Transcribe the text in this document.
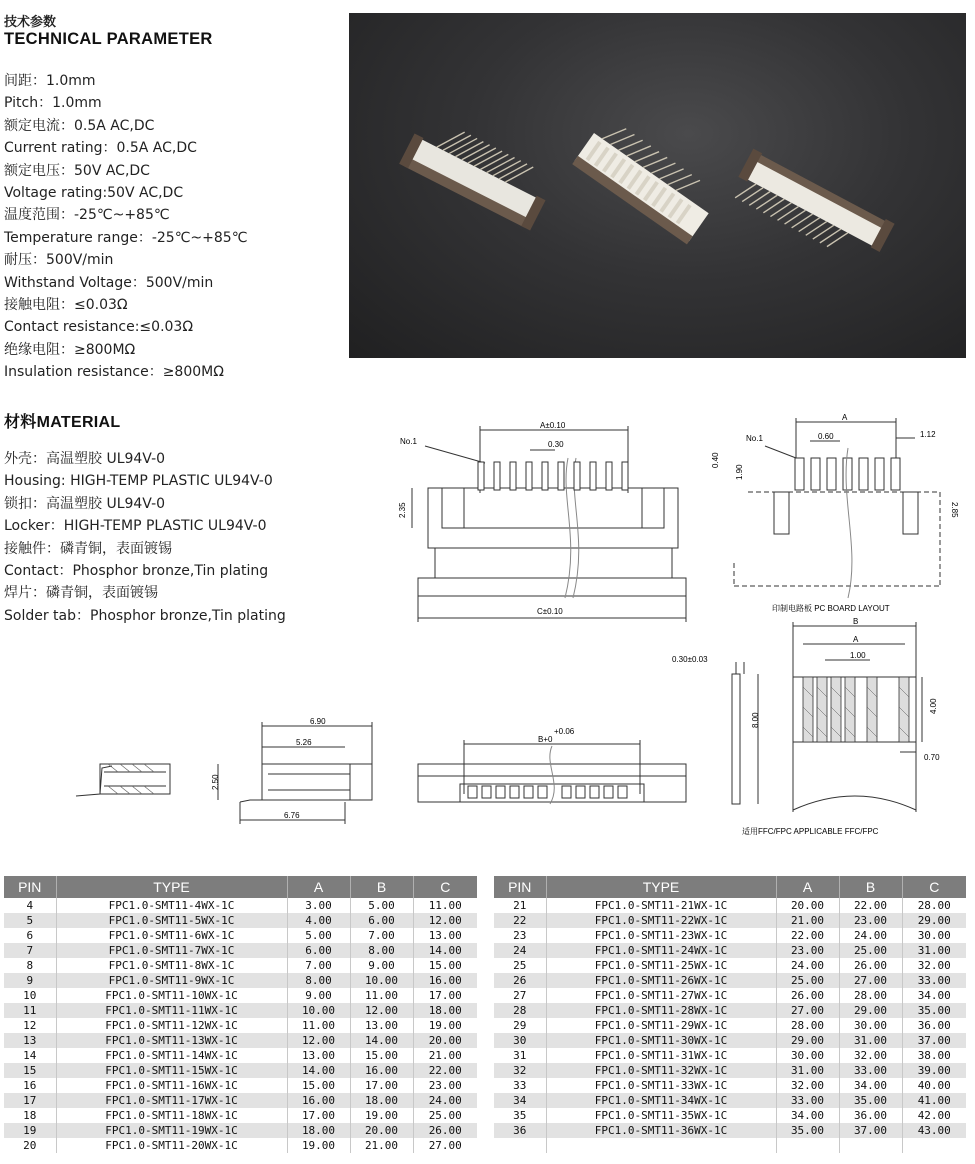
技术参数
TECHNICAL PARAMETER
间距：1.0mm
Pitch：1.0mm
额定电流：0.5A AC,DC
Current rating：0.5A AC,DC
额定电压：50V AC,DC
Voltage rating:50V AC,DC
温度范围：-25℃~+85℃
Temperature range：-25℃~+85℃
耐压：500V/min
Withstand Voltage：500V/min
接触电阻：≤0.03Ω
Contact resistance:≤0.03Ω
绝缘电阻：≥800MΩ
Insulation resistance：≥800MΩ
材料MATERIAL
外壳：高温塑胶 UL94V-0
Housing: HIGH-TEMP PLASTIC UL94V-0
锁扣：高温塑胶 UL94V-0
Locker：HIGH-TEMP PLASTIC UL94V-0
接触件：磷青铜，表面镀锡
Contact：Phosphor bronze,Tin plating
焊片：磷青铜，表面镀锡
Solder tab：Phosphor bronze,Tin plating
No.1
A±0.10
0.30
2.35
C±0.10
No.1
A
0.60	1.12
0.40
1.90
2.85
印制电路板 PC BOARD LAYOUT
6.90
5.26
2.50
6.76
+0.06
B+0
0.30±0.03
8.00
B
A
1.00
4.00
0.70
适用FFC/FPC APPLICABLE FFC/FPC
PIN	TYPE	A	B	C
4	FPC1.0-SMT11-4WX-1C	3.00	5.00	11.00
5	FPC1.0-SMT11-5WX-1C	4.00	6.00	12.00
6	FPC1.0-SMT11-6WX-1C	5.00	7.00	13.00
7	FPC1.0-SMT11-7WX-1C	6.00	8.00	14.00
8	FPC1.0-SMT11-8WX-1C	7.00	9.00	15.00
9	FPC1.0-SMT11-9WX-1C	8.00	10.00	16.00
10	FPC1.0-SMT11-10WX-1C	9.00	11.00	17.00
11	FPC1.0-SMT11-11WX-1C	10.00	12.00	18.00
12	FPC1.0-SMT11-12WX-1C	11.00	13.00	19.00
13	FPC1.0-SMT11-13WX-1C	12.00	14.00	20.00
14	FPC1.0-SMT11-14WX-1C	13.00	15.00	21.00
15	FPC1.0-SMT11-15WX-1C	14.00	16.00	22.00
16	FPC1.0-SMT11-16WX-1C	15.00	17.00	23.00
17	FPC1.0-SMT11-17WX-1C	16.00	18.00	24.00
18	FPC1.0-SMT11-18WX-1C	17.00	19.00	25.00
19	FPC1.0-SMT11-19WX-1C	18.00	20.00	26.00
20	FPC1.0-SMT11-20WX-1C	19.00	21.00	27.00
PIN	TYPE	A	B	C
21	FPC1.0-SMT11-21WX-1C	20.00	22.00	28.00
22	FPC1.0-SMT11-22WX-1C	21.00	23.00	29.00
23	FPC1.0-SMT11-23WX-1C	22.00	24.00	30.00
24	FPC1.0-SMT11-24WX-1C	23.00	25.00	31.00
25	FPC1.0-SMT11-25WX-1C	24.00	26.00	32.00
26	FPC1.0-SMT11-26WX-1C	25.00	27.00	33.00
27	FPC1.0-SMT11-27WX-1C	26.00	28.00	34.00
28	FPC1.0-SMT11-28WX-1C	27.00	29.00	35.00
29	FPC1.0-SMT11-29WX-1C	28.00	30.00	36.00
30	FPC1.0-SMT11-30WX-1C	29.00	31.00	37.00
31	FPC1.0-SMT11-31WX-1C	30.00	32.00	38.00
32	FPC1.0-SMT11-32WX-1C	31.00	33.00	39.00
33	FPC1.0-SMT11-33WX-1C	32.00	34.00	40.00
34	FPC1.0-SMT11-34WX-1C	33.00	35.00	41.00
35	FPC1.0-SMT11-35WX-1C	34.00	36.00	42.00
36	FPC1.0-SMT11-36WX-1C	35.00	37.00	43.00
